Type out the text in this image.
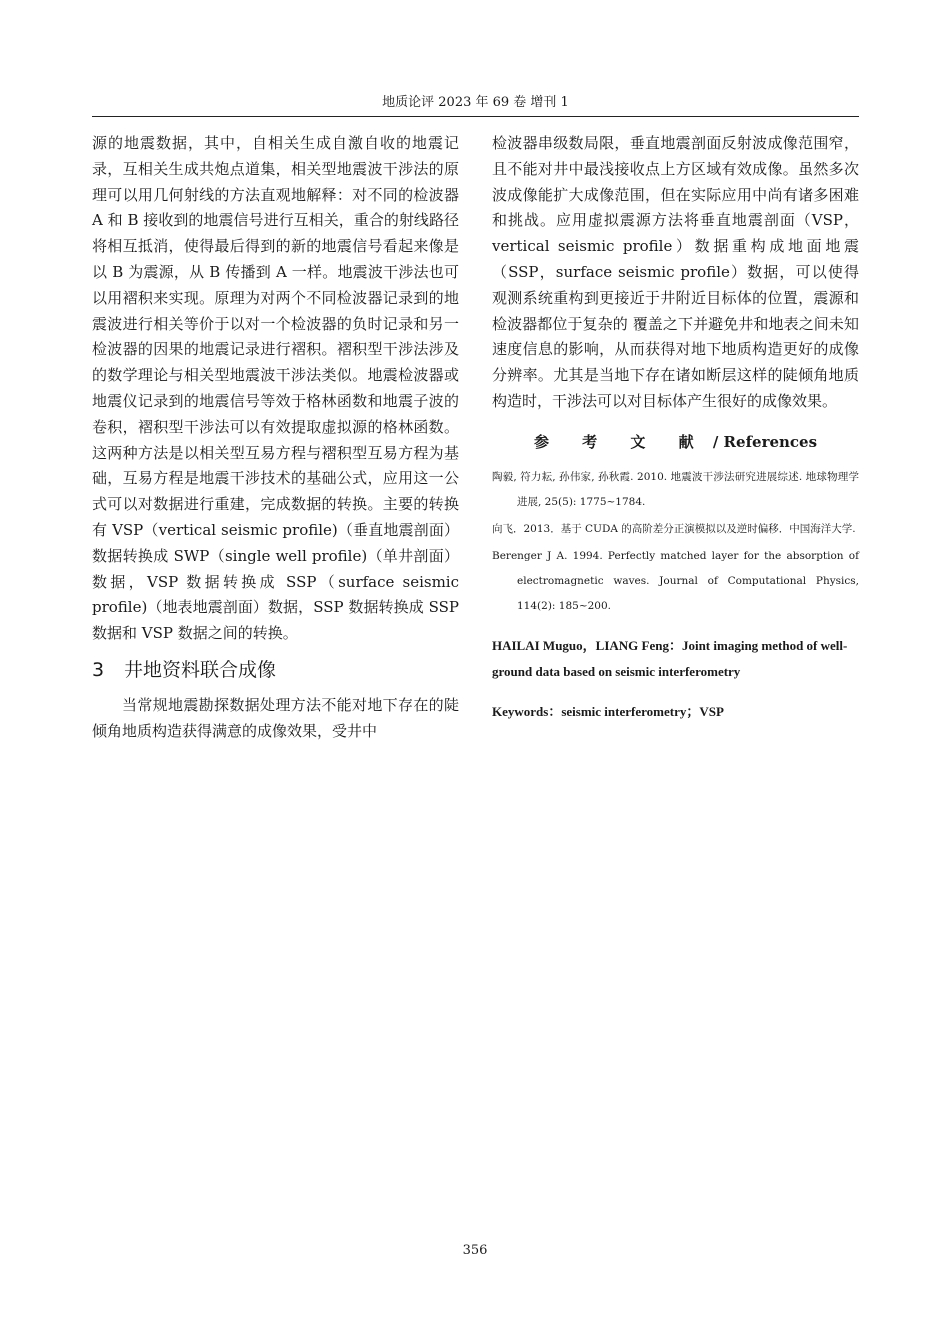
地质论评 2023 年 69 卷 增刊 1

源的地震数据，其中，自相关生成自激自收的地震记录，互相关生成共炮点道集，相关型地震波干涉法的原理可以用几何射线的方法直观地解释：对不同的检波器 A 和 B 接收到的地震信号进行互相关，重合的射线路径将相互抵消，使得最后得到的新的地震信号看起来像是以 B 为震源，从 B 传播到 A 一样。地震波干涉法也可以用褶积来实现。原理为对两个不同检波器记录到的地震波进行相关等价于以对一个检波器的负时记录和另一检波器的因果的地震记录进行褶积。褶积型干涉法涉及的数学理论与相关型地震波干涉法类似。地震检波器或地震仪记录到的地震信号等效于格林函数和地震子波的卷积，褶积型干涉法可以有效提取虚拟源的格林函数。这两种方法是以相关型互易方程与褶积型互易方程为基础，互易方程是地震干涉技术的基础公式，应用这一公式可以对数据进行重建，完成数据的转换。主要的转换有 VSP（vertical seismic profile)（垂直地震剖面）数据转换成 SWP（single well profile)（单井剖面）数据，VSP 数据转换成 SSP（surface seismic profile)（地表地震剖面）数据，SSP 数据转换成 SSP 数据和 VSP 数据之间的转换。

3 井地资料联合成像

当常规地震勘探数据处理方法不能对地下存在的陡倾角地质构造获得满意的成像效果，受井中

检波器串级数局限，垂直地震剖面反射波成像范围窄，且不能对井中最浅接收点上方区域有效成像。虽然多次波成像能扩大成像范围，但在实际应用中尚有诸多困难和挑战。应用虚拟震源方法将垂直地震剖面（VSP，vertical seismic profile）数据重构成地面地震（SSP，surface seismic profile）数据，可以使得观测系统重构到更接近于井附近目标体的位置，震源和检波器都位于复杂的 覆盖之下并避免井和地表之间未知速度信息的影响，从而获得对地下地质构造更好的成像分辨率。尤其是当地下存在诸如断层这样的陡倾角地质构造时，干涉法可以对目标体产生很好的成像效果。

参 考 文 献 / References

陶毅, 符力耘, 孙伟家, 孙秋霞. 2010. 地震波干涉法研究进展综述. 地球物理学进展, 25(5): 1775~1784.

向飞．2013．基于 CUDA 的高阶差分正演模拟以及逆时偏移．中国海洋大学.

Berenger J A. 1994. Perfectly matched layer for the absorption of electromagnetic waves. Journal of Computational Physics, 114(2): 185~200.

HAILAI Muguo，LIANG Feng：Joint imaging method of well- ground data based on seismic interferometry

Keywords：seismic interferometry；VSP

356
